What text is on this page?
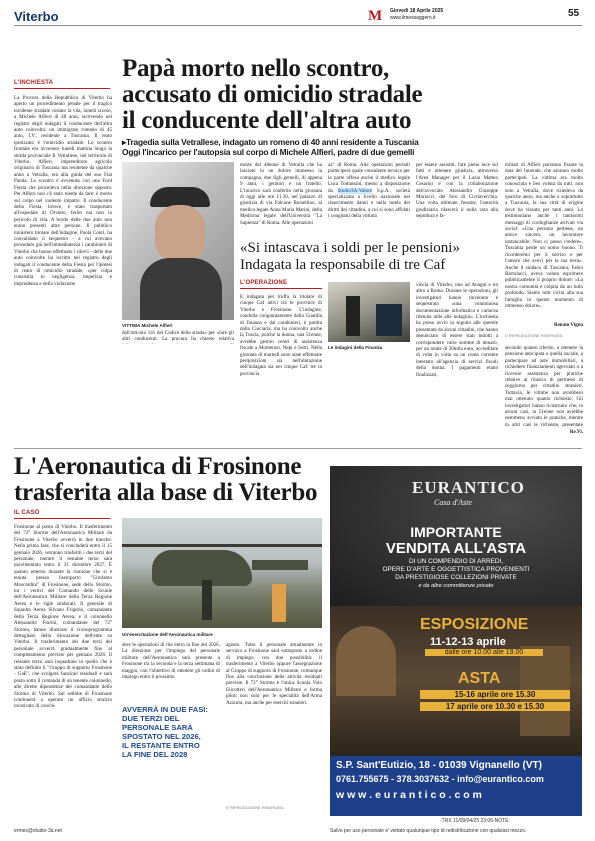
Viterbo	M Giovedì 18 Aprile 2025
www.ilmessaggero.it	55
L'INCHIESTA
Papà morto nello scontro,
accusato di omicidio stradale
il conducente dell'altra auto
▸Tragedia sulla Vetrallese, indagato un romeno di 40 anni residente a Tuscania
Oggi l'incarico per l'autopsia sul corpo di Michele Alfieri, padre di due gemelli
La Procura della Repubblica di Viterbo ha aperto un procedimento penale per il tragico incidente stradale costato la vita, lunedì scorso, a Michele Alfieri di 48 anni, iscrivendo nel registro degli indagati il conducente dell'altra auto coinvolta: un immigrato romeno di 45 anni, I.V., residente a Tuscania. Il reato ipotizzato è l'omicidio stradale. Lo scontro frontale era avvenuto lunedì mattina lungo la strada provinciale Il Vetrallese, nel territorio di Viterbo. Alfieri, imprenditore agricolo originario di Tuscania ma residente da qualche anno a Vetralla, era alla guida del suo Fiat Panda. Lo scontro è avvenuto con una Ford Fiesta che procedeva nella direzione opposta. Per Alfieri non c'è stato niente da fare: è morto sul colpo nel violento impatto. Il conducente della Fiesta, invece, è stato trasportato all'ospedale di Orvieto, ferito ma non in pericolo di vita. A bordo delle due auto non erano presenti altre persone. Il pubblico ministero titolare dell'indagine, Paola Conti, ha convalidato il sequestro - a cui avevano proceduto già nell'immediatezza i carabinieri di Viterbo che hanno effettuato i rilievi - delle due auto coinvolte ha iscritto nel registro degli indagati il conducente della Fiesta per l'ipotesi di reato di omicidio stradale, «per colpa consistita in negligenza, imperizia e imprudenza e nella violazione
VITTIMA Michele Alfieri
dell'articolo 141 del Codice della strada» per «fare gli altri conducenti. La procura ha chiesto relativa
morte del 48enne di Vetralla che ha lasciato in un dolore immenso la compagna, due figli gemelli, di appena 9 anni, i genitori e un fratello. L'incarico sarà conferito nella giornata di oggi alle ore 11.30, nel palazzo di giustizia di via Falcone Borsellino, al medico legale Anna Maria Marini, della Medicina legale dell'Università "La Sapienza" di Roma. Alle operazioni
za" di Roma. Alle operazioni peritali parteciperà quale consulente tecnico per la parte offesa anche il medico legale Luca Tomassini, messo a disposizione da Studio3A-Valore S.p.A., società specializzata a livello nazionale nel risarcimento danni e nella tutela dei diritti dei cittadini, a cui si sono affidati i congiunti della vittima
per essere assistiti, fare piena luce sul fatti e ottenere giustizia, attraverso l'Area Manager per il Lazio Matteo Cesarini e con la collaborazione dell'avvocato Alessandro Giuseppe Mariucci, del foro di Civitavecchia. Una volta ultimate l'esame, l'autorità giudiziaria rilascerà il nulla osta alla sepoltura e fa-
miliari di Alfieri potranno fissare la data del funerale, che saranno molto partecipati. La vittima era molto conosciuta e ben voluta da tutti, non solo a Vetralla, dove risiedeva da qualche anno, ma anche e soprattutto a Tuscania, la sua città di origine dove ha vissuto per tanti anni. Lo testimoniano anche i tantissimi messaggi di cordoglianze arrivati via social: «Una persona perbene, un amico sincero, un lavoratore instancabile. Non ci posso credere». Tuscania perde un uomo buono. Ti ricorderemo per il sorriso e per l'amore che avevi per la tua terra». Anche il sindaco di Tuscania, Fabio Bartolacci, aveva voluto esprimere pubblicamente il proprio dolore: «La nostra comunità è colpita da un lutto profondo. Siamo tutti vicini alla sua famiglia in questo momento di immenso dolore».
Renato Vigna
© RIPRODUZIONE RISERVATA
«Si intascava i soldi per le pensioni»
Indagata la responsabile di tre Caf
L'OPERAZIONE
E indagata per truffa la titolare di cinque Caf attivi tra le province di Viterbo e Frosinone. L'indagine, condotta congiuntamente dalla Guardia di finanza e dai carabinieri, è partita dalla Ciociaria, ma ha coinvolto anche la Tuscia, poiché la donna, una 51enne, avrebbe gestito centri di assistenza fiscale a Monterosi, Nepi e Sutri. Nella giornata di martedì sono state effettuate perquisizioni sia nell'abitazione dell'indagata sia nei cinque Caf: tre in provincia
Le indagini della Finanza
vincia di Viterbo, uno ad Anagni e un altro a Roma. Durante le operazioni, gli investigatori hanno rinvenuto e sequestrato «una voluminosa documentazione informatica e cartacea ritenuta utile alle indagini». L'inchiesta ha preso avvio in seguito alle querele presentate da alcuni cittadini, che hanno denunciato di essere stati indotti a corrispondere varie somme di denaro, per un totale di 30mila euro, accreditate di volta in volta su un conto corrente intestato all'agenzia di servizi fiscali della donna. I pagamenti erano finalizzati,
secondo quanto riferito, a ottenere la pensione anticipata o quella sociale, a partecipare ad aste immobiliari, a richiedere finanziamenti agevolati o a ricevere assistenza per pratiche relative al rilascio di permessi di soggiorno per cittadini stranieri. Tuttavia, le vittime non avrebbero mai ottenuto quanto richiesto. Gli investigatori hanno ricostruito che, in alcuni casi, la 51enne non avrebbe nemmeno avviato le pratiche, mentre in altri casi le richieste, presentate
Re.Vi.
L'Aeronautica di Frosinone
trasferita alla base di Viterbo
IL CASO
Frosinone al posto di Viterbo. Il trasferimento del 72° Stormo dell'Aeronautica Militare da Frosinone a Viterbo avverrà in due tranche. Nella prima fase, che si concluderà entro il 15 gennaio 2026, verranno trasferiti i due terzi del personale, mentre il restante terzo sarà movimentato entro il 31 dicembre 2027. È quanto emerso durante la riunione che si è tenuta presso l'aeroporto "Girolamo Moscardini" di Frosinone, sede dello Stormo, tra i vertici del Comando delle Scuole dell'Aeronautica Militare della Terza Regione Aerea e le sigle sindacali. Il generale di Squadra Aerea Silvano Frigerio, comandante della Terza Regione Aerea, e il colonnello Alessandro Fiorini, comandante del 72° Stormo, hanno illustrato il cronoprogramma dettagliato della rilocazione dell'ente su Viterbo. Il trasferimento dei due terzi del personale avverrà gradualmente fino al completamento previsto per gennaio 2026. Il restante terzo sarà inquadrato in quello che è stato definito il "Gruppo di supporto Frosinone - GaE", che svolgerà funzioni residuali e sarà posto sotto il comando di un tenente colonnello, alle dirette dipendenze del comandante dello Stormo di Viterbo. Sul sedime di Frosinone continuerà a operare un ufficio stralcio incaricato di conclu-
Un'esercitazione dell'Aeronautica militare
dere le operazioni di rito entro la fine del 2026. La direzione per l'impiego del personale militare dell'Aeronautica sarà presente a Frosinone tra la seconda e la terza settimana di maggio, con l'obiettivo di ottenere gli ordini di impiego entro il prossimo
AVVERRÀ IN DUE FASI:
DUE TERZI DEL
PERSONALE SARÀ
SPOSTATO NEL 2026,
IL RESTANTE ENTRO
LA FINE DEL 2028
agosto. Tutto il personale attualmente in servizio a Frosinone sarà sottoposto a ordine di impiego, con due possibilità: il trasferimento a Viterbo oppure l'assegnazione al Gruppo di supporto di Frosinone, comunque fino alla conclusione delle attività residuali previste. Il 72° Stormo è l'unica Scuola Volo Elicotteri dell'Aeronautica Militare e forma piloti non solo per le specialità dell'Arma Azzurra, ma anche per eserciti stranieri.
© RIPRODUZIONE RISERVATA
EURANTICO
Casa d'Aste
IMPORTANTE
VENDITA ALL'ASTA
DI UN COMPENDIO DI ARREDI,
OPERE D'ARTE E OGGETTISTICA PROVENIENTI
DA PRESTIGIOSE COLLEZIONI PRIVATE
e da altre committenze private
ESPOSIZIONE
11-12-13 aprile
dalle ore 10.00 alle 19.00
ASTA
15-16 aprile ore 15.30
17 aprile ore 10.30 e 15.30
S.P. Sant'Eutizio, 18 - 01039 Vignanello (VT)
0761.755675 - 378.3037632 - info@eurantico.com
w w w . e u r a n t i c o . c o m
ermes@studio-3a.net
-TRX 11/09/04/25 23:06-NOTE:
Salvo per uso personale e' vietato qualunque tipo di redistribuzione con qualsiasi mezzo.
